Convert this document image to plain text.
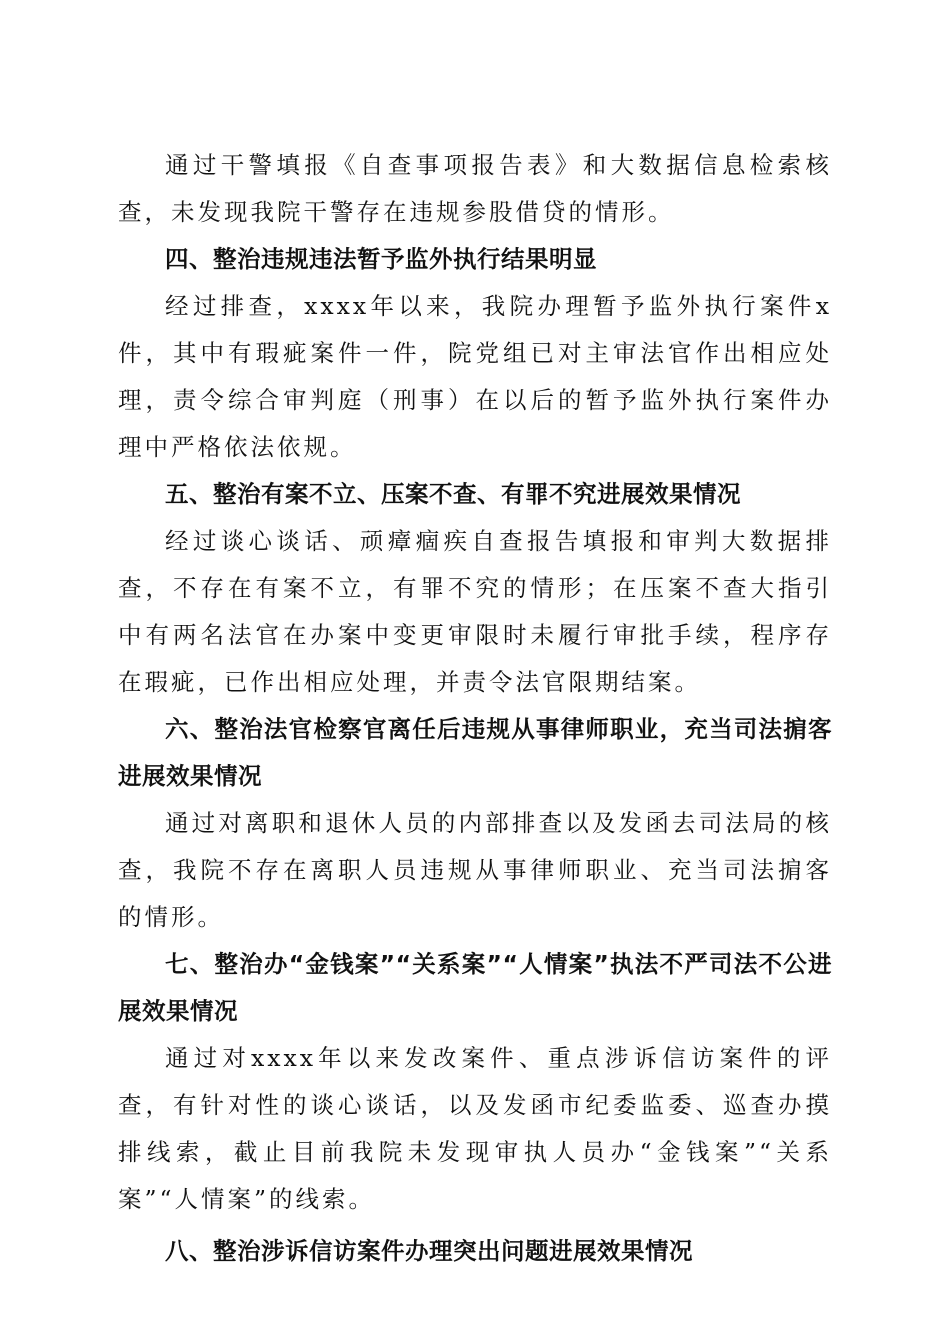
通过干警填报《自查事项报告表》和大数据信息检索核查，未发现我院干警存在违规参股借贷的情形。

四、整治违规违法暂予监外执行结果明显

经过排查，xxxx年以来，我院办理暂予监外执行案件x件，其中有瑕疵案件一件，院党组已对主审法官作出相应处理，责令综合审判庭（刑事）在以后的暂予监外执行案件办理中严格依法依规。

五、整治有案不立、压案不查、有罪不究进展效果情况

经过谈心谈话、顽瘴痼疾自查报告填报和审判大数据排查，不存在有案不立，有罪不究的情形；在压案不查大指引中有两名法官在办案中变更审限时未履行审批手续，程序存在瑕疵，已作出相应处理，并责令法官限期结案。

六、整治法官检察官离任后违规从事律师职业，充当司法掮客进展效果情况

通过对离职和退休人员的内部排查以及发函去司法局的核查，我院不存在离职人员违规从事律师职业、充当司法掮客的情形。

七、整治办“金钱案”“关系案”“人情案”执法不严司法不公进展效果情况

通过对xxxx年以来发改案件、重点涉诉信访案件的评查，有针对性的谈心谈话，以及发函市纪委监委、巡查办摸排线索，截止目前我院未发现审执人员办“金钱案”“关系案”“人情案”的线索。

八、整治涉诉信访案件办理突出问题进展效果情况
